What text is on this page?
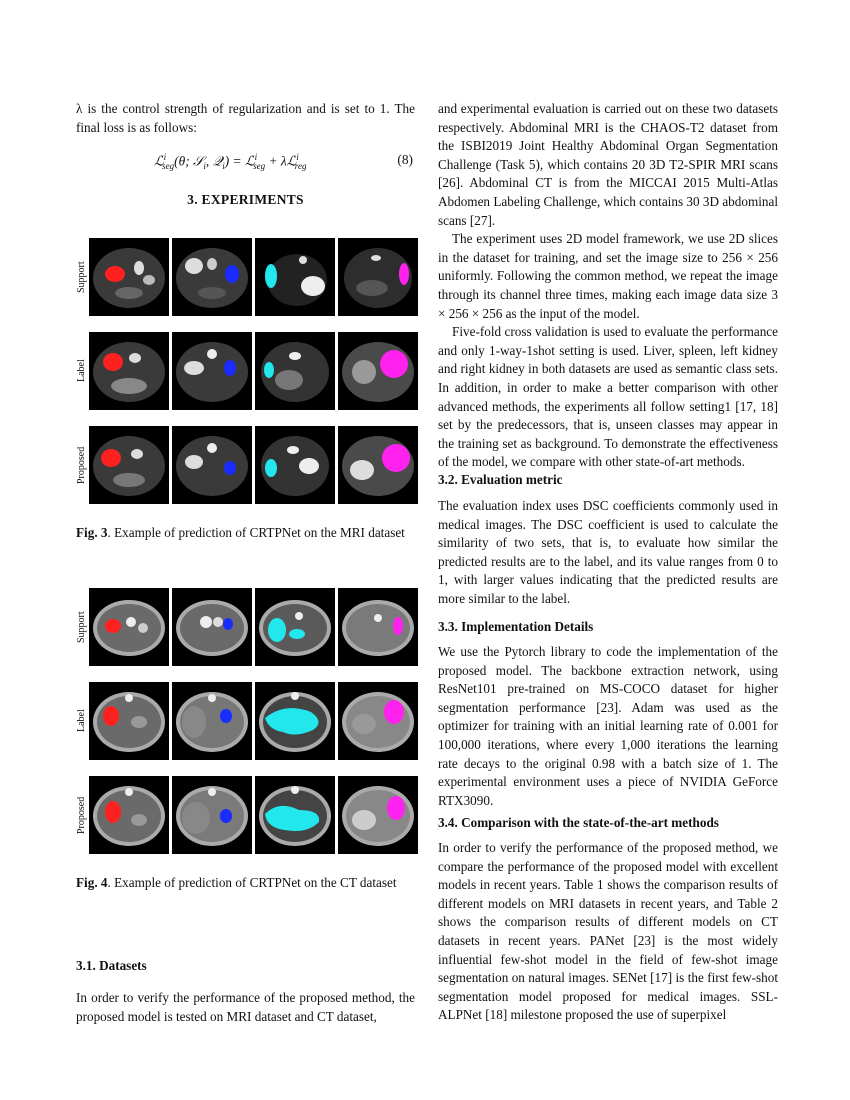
λ is the control strength of regularization and is set to 1. The final loss is as follows:

ℒ$^i_{seg}$(θ; 𝒮$_i$, 𝒬$_i$) = ℒ$^i_{seg}$ + λℒ$^i_{reg}$	(8)
3. EXPERIMENTS
Support
Label
Proposed
Fig. 3. Example of prediction of CRTPNet on the MRI dataset
Support
Label
Proposed
Fig. 4. Example of prediction of CRTPNet on the CT dataset
3.1. Datasets

In order to verify the performance of the proposed method, the proposed model is tested on MRI dataset and CT dataset,

and experimental evaluation is carried out on these two datasets respectively. Abdominal MRI is the CHAOS-T2 dataset from the ISBI2019 Joint Healthy Abdominal Organ Segmentation Challenge (Task 5), which contains 20 3D T2-SPIR MRI scans [26]. Abdominal CT is from the MICCAI 2015 Multi-Atlas Abdomen Labeling Challenge, which contains 30 3D abdominal scans [27].

The experiment uses 2D model framework, we use 2D slices in the dataset for training, and set the image size to 256 × 256 uniformly. Following the common method, we repeat the image through its channel three times, making each image data size 3 × 256 × 256 as the input of the model.

Five-fold cross validation is used to evaluate the performance and only 1-way-1shot setting is used. Liver, spleen, left kidney and right kidney in both datasets are used as semantic class sets. In addition, in order to make a better comparison with other advanced methods, the experiments all follow setting1 [17, 18] set by the predecessors, that is, unseen classes may appear in the training set as background. To demonstrate the effectiveness of the model, we compare with other state-of-art methods.

3.2. Evaluation metric

The evaluation index uses DSC coefficients commonly used in medical images. The DSC coefficient is used to calculate the similarity of two sets, that is, to evaluate how similar the predicted results are to the label, and its value ranges from 0 to 1, with larger values indicating that the predicted results are more similar to the label.

3.3. Implementation Details

We use the Pytorch library to code the implementation of the proposed model. The backbone extraction network, using ResNet101 pre-trained on MS-COCO dataset for higher segmentation performance [23]. Adam was used as the optimizer for training with an initial learning rate of 0.001 for 100,000 iterations, where every 1,000 iterations the learning rate decays to the original 0.98 with a batch size of 1. The experimental environment uses a piece of NVIDIA GeForce RTX3090.

3.4. Comparison with the state-of-the-art methods

In order to verify the performance of the proposed method, we compare the performance of the proposed model with excellent models in recent years. Table 1 shows the comparison results of different models on MRI datasets in recent years, and Table 2 shows the comparison results of different models on CT datasets in recent years. PANet [23] is the most widely influential few-shot model in the field of few-shot image segmentation on natural images. SENet [17] is the first few-shot segmentation model proposed for medical images. SSL-ALPNet [18] milestone proposed the use of superpixel
